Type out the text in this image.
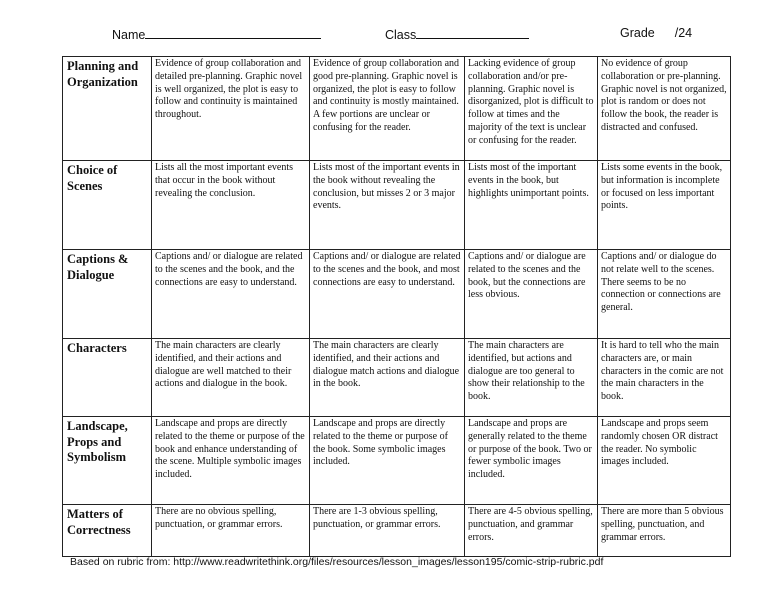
Name	Class	Grade /24
Planning and Organization	Evidence of group collaboration and detailed pre-planning. Graphic novel is well organized, the plot is easy to follow and continuity is maintained throughout.	Evidence of group collaboration and good pre-planning. Graphic novel is organized, the plot is easy to follow and continuity is mostly maintained. A few portions are unclear or confusing for the reader.	Lacking evidence of group collaboration and/or pre-planning. Graphic novel is disorganized, plot is difficult to follow at times and the majority of the text is unclear or confusing for the reader.	No evidence of group collaboration or pre-planning. Graphic novel is not organized, plot is random or does not follow the book, the reader is distracted and confused.
Choice of Scenes	Lists all the most important events that occur in the book without revealing the conclusion.	Lists most of the important events in the book without revealing the conclusion, but misses 2 or 3 major events.	Lists most of the important events in the book, but highlights unimportant points.	Lists some events in the book, but information is incomplete or focused on less important points.
Captions & Dialogue	Captions and/ or dialogue are related to the scenes and the book, and the connections are easy to understand.	Captions and/ or dialogue are related to the scenes and the book, and most connections are easy to understand.	Captions and/ or dialogue are related to the scenes and the book, but the connections are less obvious.	Captions and/ or dialogue do not relate well to the scenes. There seems to be no connection or connections are general.
Characters	The main characters are clearly identified, and their actions and dialogue are well matched to their actions and dialogue in the book.	The main characters are clearly identified, and their actions and dialogue match actions and dialogue in the book.	The main characters are identified, but actions and dialogue are too general to show their relationship to the book.	It is hard to tell who the main characters are, or main characters in the comic are not the main characters in the book.
Landscape, Props and Symbolism	Landscape and props are directly related to the theme or purpose of the book and enhance understanding of the scene. Multiple symbolic images included.	Landscape and props are directly related to the theme or purpose of the book. Some symbolic images included.	Landscape and props are generally related to the theme or purpose of the book. Two or fewer symbolic images included.	Landscape and props seem randomly chosen OR distract the reader. No symbolic images included.
Matters of Correctness	There are no obvious spelling, punctuation, or grammar errors.	There are 1-3 obvious spelling, punctuation, or grammar errors.	There are 4-5 obvious spelling, punctuation, and grammar errors.	There are more than 5 obvious spelling, punctuation, and grammar errors.
Based on rubric from: http://www.readwritethink.org/files/resources/lesson_images/lesson195/comic-strip-rubric.pdf
